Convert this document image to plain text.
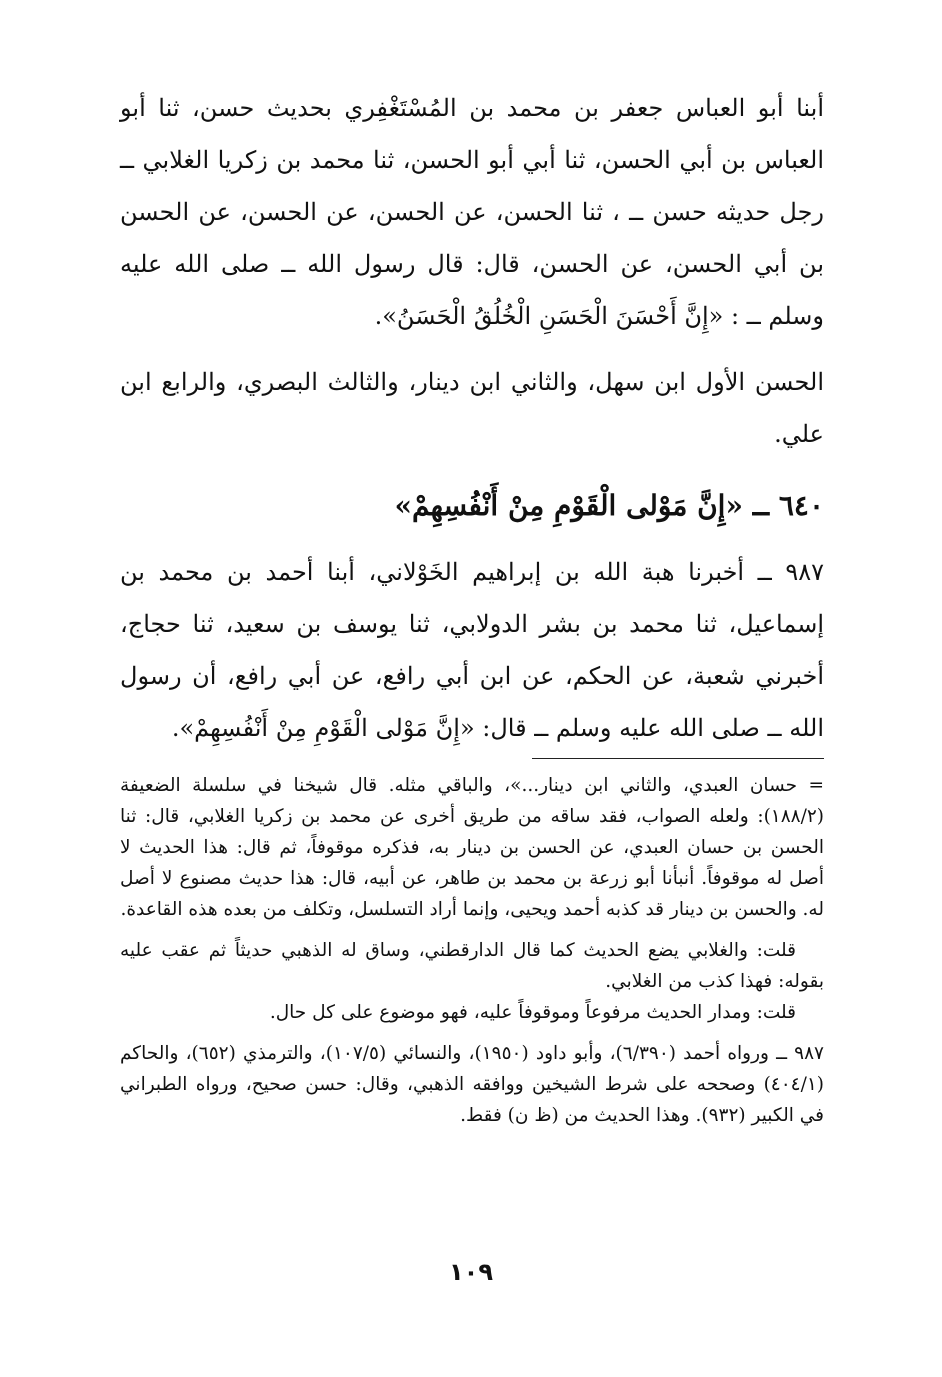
أبنا أبو العباس جعفر بن محمد بن المُسْتَغْفِري بحديث حسن، ثنا أبو العباس بن أبي الحسن، ثنا أبي أبو الحسن، ثنا محمد بن زكريا الغلابي ــ رجل حديثه حسن ــ ، ثنا الحسن، عن الحسن، عن الحسن، عن الحسن بن أبي الحسن، عن الحسن، قال: قال رسول الله ــ صلى الله عليه وسلم ــ : «إِنَّ أَحْسَنَ الْحَسَنِ الْخُلُقُ الْحَسَنُ».

الحسن الأول ابن سهل، والثاني ابن دينار، والثالث البصري، والرابع ابن علي.

٦٤٠ ــ «إِنَّ مَوْلى الْقَوْمِ مِنْ أَنْفُسِهِمْ»

٩٨٧ ــ أخبرنا هبة الله بن إبراهيم الخَوْلاني، أبنا أحمد بن محمد بن إسماعيل، ثنا محمد بن بشر الدولابي، ثنا يوسف بن سعيد، ثنا حجاج، أخبرني شعبة، عن الحكم، عن ابن أبي رافع، عن أبي رافع، أن رسول الله ــ صلى الله عليه وسلم ــ قال: «إِنَّ مَوْلى الْقَوْمِ مِنْ أَنْفُسِهِمْ».

= حسان العبدي، والثاني ابن دينار...»، والباقي مثله. قال شيخنا في سلسلة الضعيفة (١٨٨/٢): ولعله الصواب، فقد ساقه من طريق أخرى عن محمد بن زكريا الغلابي، قال: ثنا الحسن بن حسان العبدي، عن الحسن بن دينار به، فذكره موقوفاً، ثم قال: هذا الحديث لا أصل له موقوفاً. أنبأنا أبو زرعة بن محمد بن طاهر، عن أبيه، قال: هذا حديث مصنوع لا أصل له. والحسن بن دينار قد كذبه أحمد ويحيى، وإنما أراد التسلسل، وتكلف من بعده هذه القاعدة.

قلت: والغلابي يضع الحديث كما قال الدارقطني، وساق له الذهبي حديثاً ثم عقب عليه بقوله: فهذا كذب من الغلابي.

قلت: ومدار الحديث مرفوعاً وموقوفاً عليه، فهو موضوع على كل حال.

٩٨٧ ــ ورواه أحمد (٦/٣٩٠)، وأبو داود (١٩٥٠)، والنسائي (١٠٧/٥)، والترمذي (٦٥٢)، والحاكم (٤٠٤/١) وصححه على شرط الشيخين ووافقه الذهبي، وقال: حسن صحيح، ورواه الطبراني في الكبير (٩٣٢). وهذا الحديث من (ظ ن) فقط.

١٠٩
